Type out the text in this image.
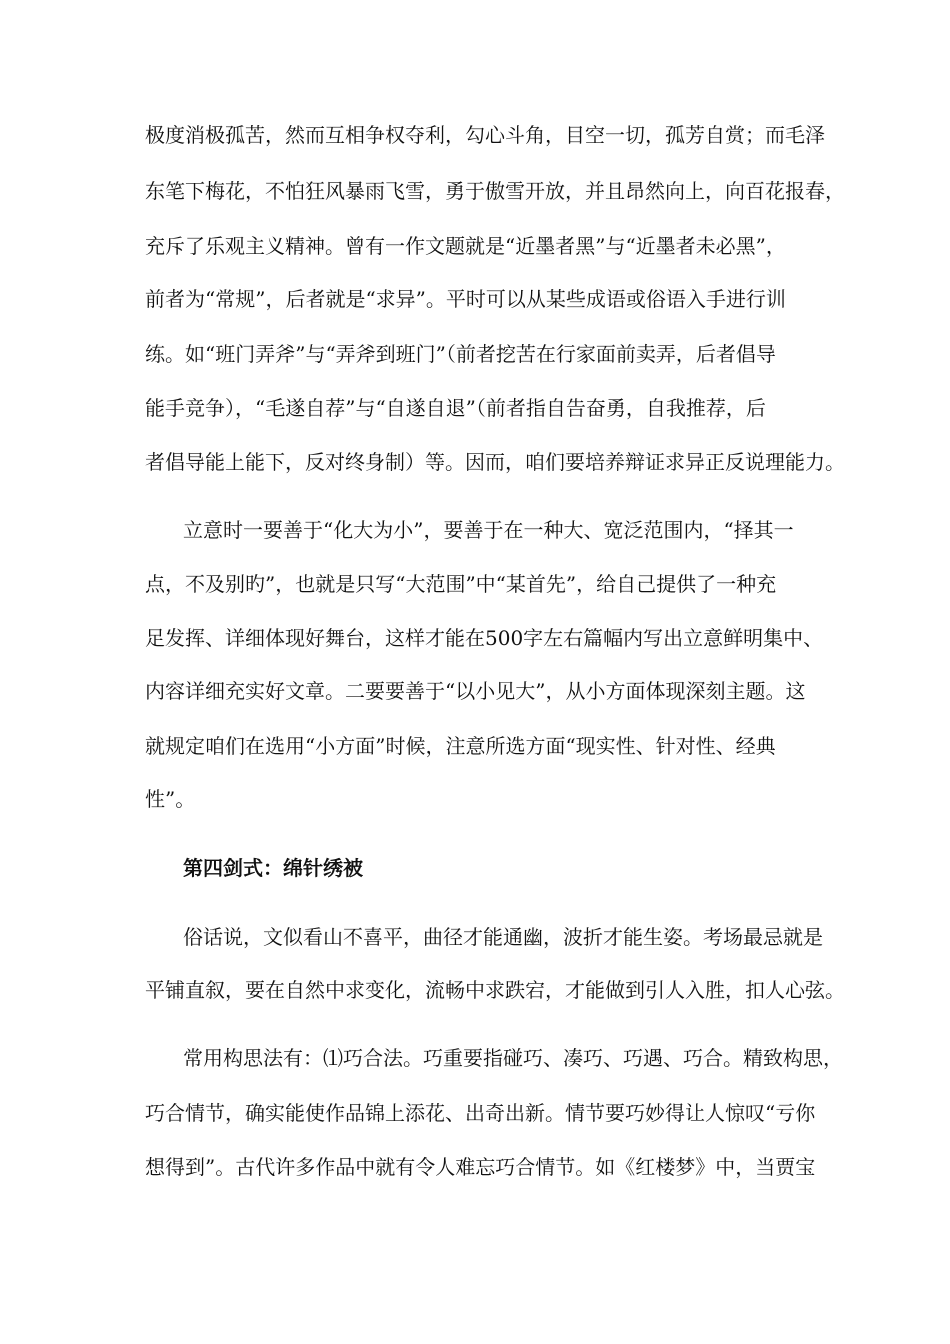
极度消极孤苦，然而互相争权夺利，勾心斗角，目空一切，孤芳自赏；而毛泽
东笔下梅花，不怕狂风暴雨飞雪，勇于傲雪开放，并且昂然向上，向百花报春，
充斥了乐观主义精神。曾有一作文题就是“近墨者黑”与“近墨者未必黑”，
前者为“常规”，后者就是“求异”。平时可以从某些成语或俗语入手进行训
练。如“班门弄斧”与“弄斧到班门”（前者挖苦在行家面前卖弄，后者倡导
能手竞争），“毛遂自荐”与“自遂自退”（前者指自告奋勇，自我推荐，后
者倡导能上能下，反对终身制）等。因而，咱们要培养辩证求异正反说理能力。
立意时一要善于“化大为小”，要善于在一种大、宽泛范围内，“择其一
点，不及别旳”，也就是只写“大范围”中“某首先”，给自己提供了一种充
足发挥、详细体现好舞台，这样才能在500字左右篇幅内写出立意鲜明集中、
内容详细充实好文章。二要要善于“以小见大”，从小方面体现深刻主题。这
就规定咱们在选用“小方面”时候，注意所选方面“现实性、针对性、经典
性”。
第四剑式：绵针绣被
俗话说，文似看山不喜平，曲径才能通幽，波折才能生姿。考场最忌就是
平铺直叙，要在自然中求变化，流畅中求跌宕，才能做到引人入胜，扣人心弦。
常用构思法有：⑴巧合法。巧重要指碰巧、凑巧、巧遇、巧合。精致构思，
巧合情节，确实能使作品锦上添花、出奇出新。情节要巧妙得让人惊叹“亏你
想得到”。古代许多作品中就有令人难忘巧合情节。如《红楼梦》中，当贾宝
